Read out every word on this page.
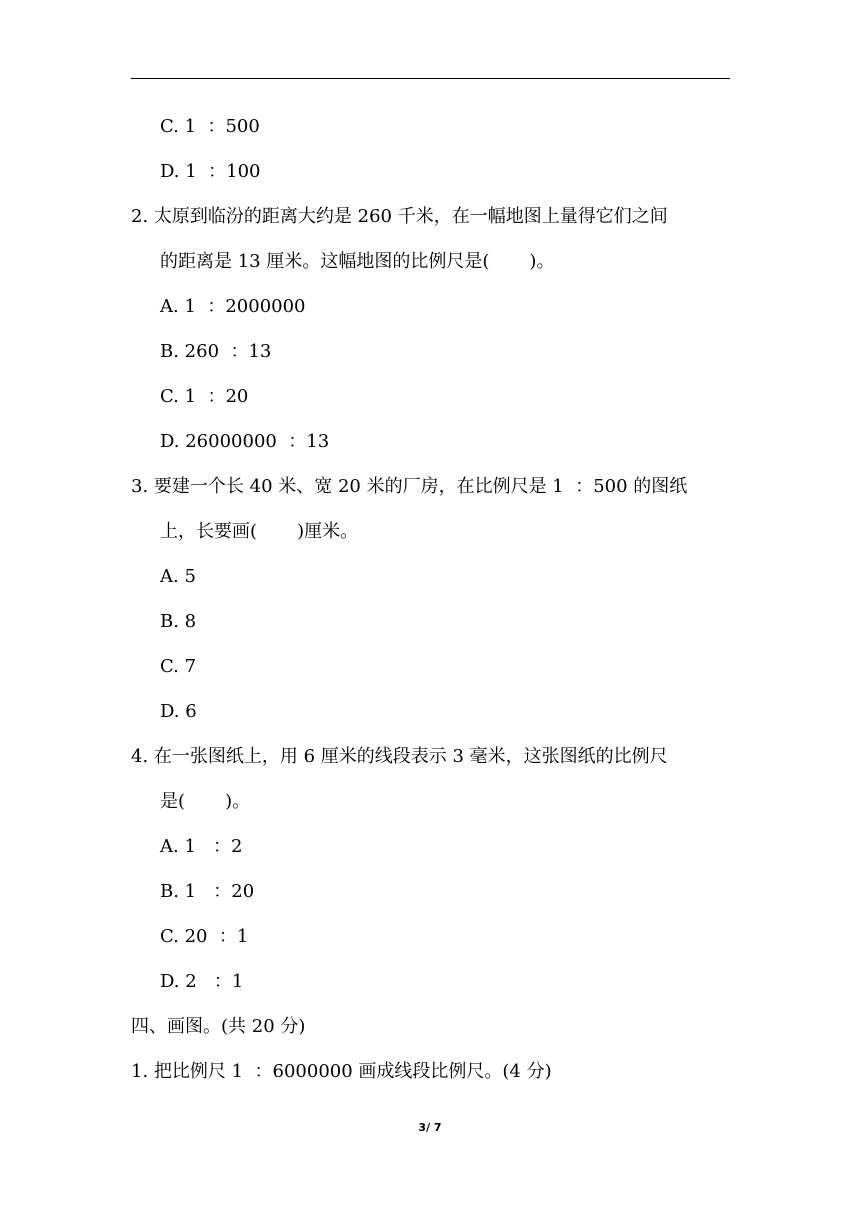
C. 1  ：500
D. 1  ：100
2. 太原到临汾的距离大约是 260 千米，在一幅地图上量得它们之间
的距离是 13 厘米。这幅地图的比例尺是(       )。
A. 1  ：2000000
B. 260  ：13
C. 1  ：20
D. 26000000  ：13
3. 要建一个长 40 米、宽 20 米的厂房，在比例尺是 1  ：500 的图纸
上，长要画(       )厘米。
A. 5
B. 8
C. 7
D. 6
4. 在一张图纸上，用 6 厘米的线段表示 3 毫米，这张图纸的比例尺
是(       )。
A. 1   ：2
B. 1   ：20
C. 20  ：1
D. 2   ：1
四、画图。(共 20 分)
1. 把比例尺 1  ：6000000 画成线段比例尺。(4 分)
3/ 7
